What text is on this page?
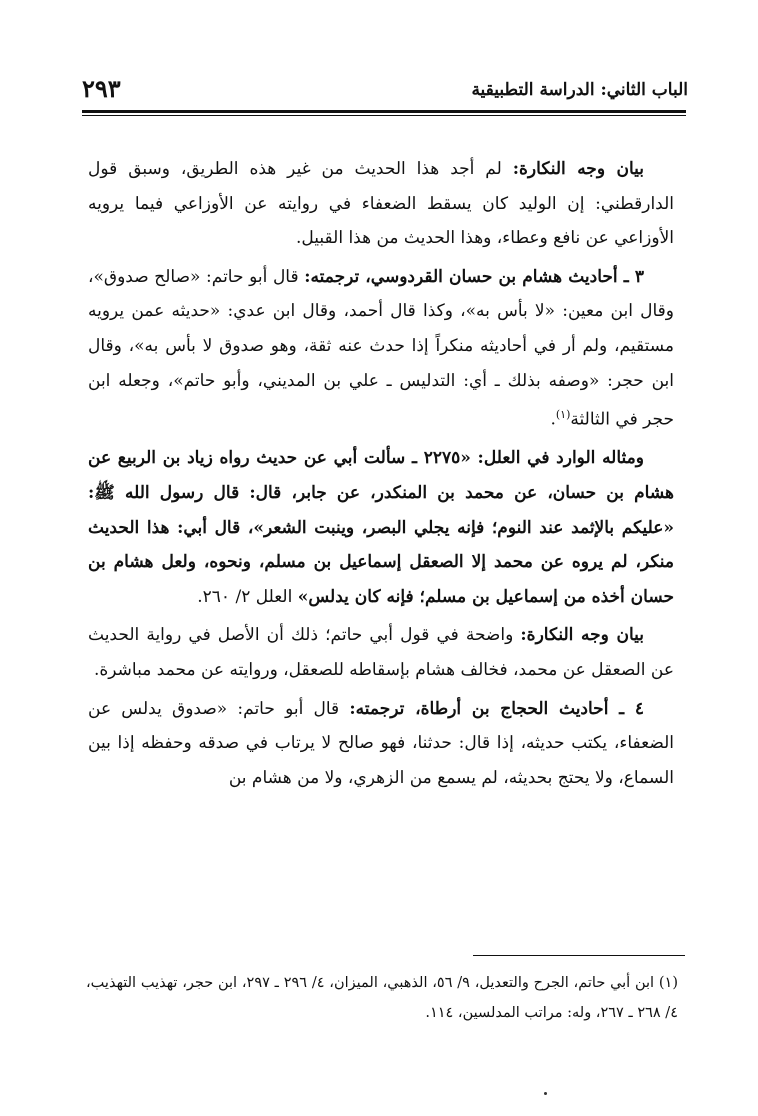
الباب الثاني: الدراسة التطبيقية
٢٩٣

بيان وجه النكارة: لم أجد هذا الحديث من غير هذه الطريق، وسبق قول الدارقطني: إن الوليد كان يسقط الضعفاء في روايته عن الأوزاعي فيما يرويه الأوزاعي عن نافع وعطاء، وهذا الحديث من هذا القبيل.

٣ ـ أحاديث هشام بن حسان القردوسي، ترجمته: قال أبو حاتم: «صالح صدوق»، وقال ابن معين: «لا بأس به»، وكذا قال أحمد، وقال ابن عدي: «حديثه عمن يرويه مستقيم، ولم أر في أحاديثه منكراً إذا حدث عنه ثقة، وهو صدوق لا بأس به»، وقال ابن حجر: «وصفه بذلك ـ أي: التدليس ـ علي بن المديني، وأبو حاتم»، وجعله ابن حجر في الثالثة$^{(١)}$.

ومثاله الوارد في العلل: «٢٢٧٥ ـ سألت أبي عن حديث رواه زياد بن الربيع عن هشام بن حسان، عن محمد بن المنكدر، عن جابر، قال: قال رسول الله ﷺ: «عليكم بالإثمد عند النوم؛ فإنه يجلي البصر، وينبت الشعر»، قال أبي: هذا الحديث منكر، لم يروه عن محمد إلا الصعقل إسماعيل بن مسلم، ونحوه، ولعل هشام بن حسان أخذه من إسماعيل بن مسلم؛ فإنه كان يدلس» العلل ٢/ ٢٦٠.

بيان وجه النكارة: واضحة في قول أبي حاتم؛ ذلك أن الأصل في رواية الحديث عن الصعقل عن محمد، فخالف هشام بإسقاطه للصعقل، وروايته عن محمد مباشرة.

٤ ـ أحاديث الحجاج بن أرطاة، ترجمته: قال أبو حاتم: «صدوق يدلس عن الضعفاء، يكتب حديثه، إذا قال: حدثنا، فهو صالح لا يرتاب في صدقه وحفظه إذا بين السماع، ولا يحتج بحديثه، لم يسمع من الزهري، ولا من هشام بن

(١) ابن أبي حاتم، الجرح والتعديل، ٩/ ٥٦، الذهبي، الميزان، ٤/ ٢٩٦ ـ ٢٩٧، ابن حجر، تهذيب التهذيب، ٤/ ٢٦٨ ـ ٢٦٧، وله: مراتب المدلسين، ١١٤.
